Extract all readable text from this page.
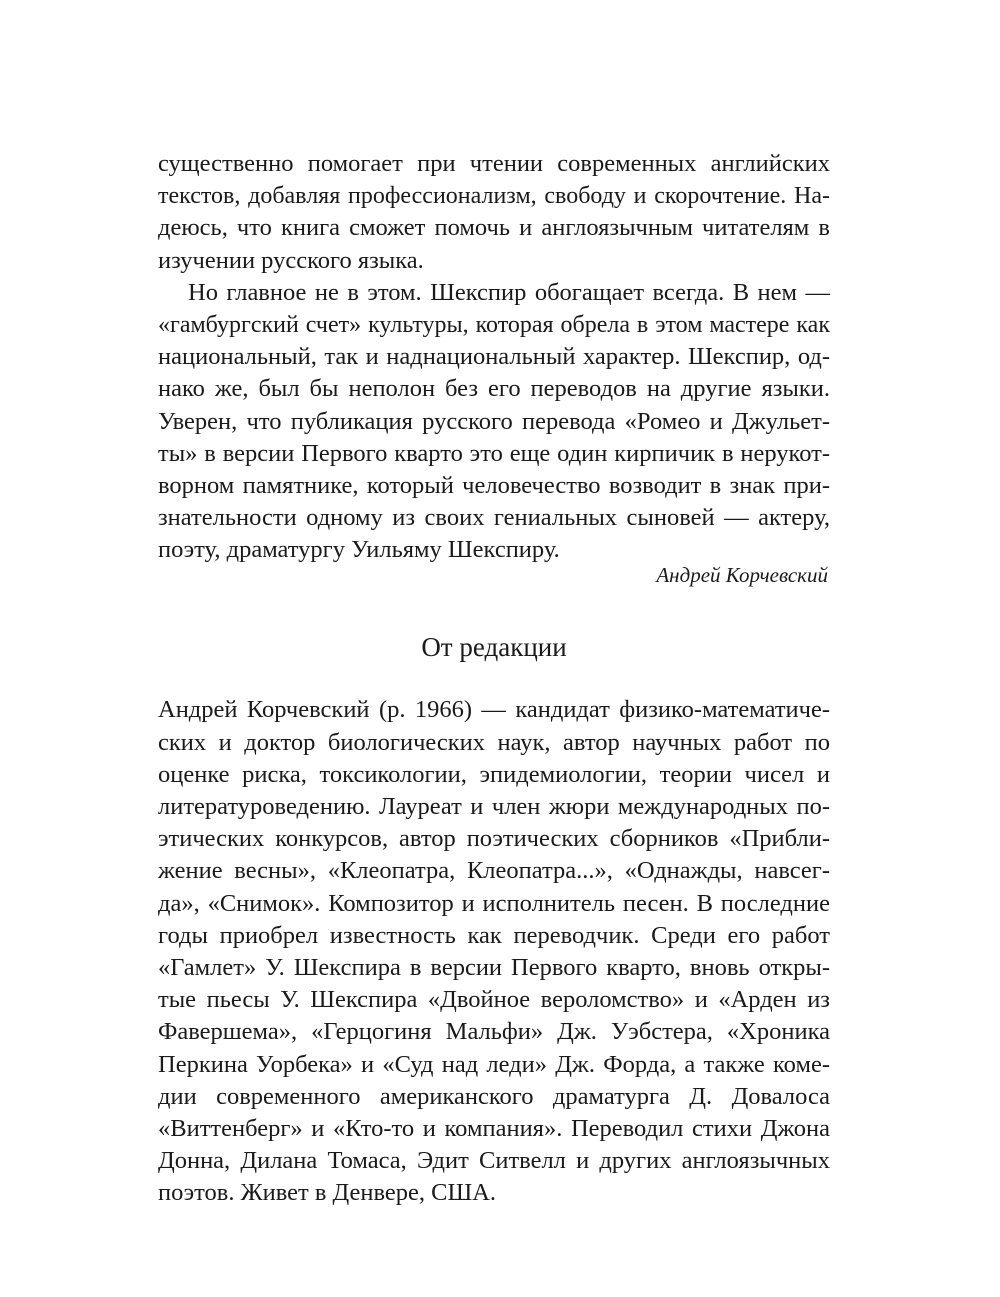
существенно помогает при чтении современных английских
текстов, добавляя профессионализм, свободу и скорочтение. На-
деюсь, что книга сможет помочь и англоязычным читателям в
изучении русского языка.
Но главное не в этом. Шекспир обогащает всегда. В нем —
«гамбургский счет» культуры, которая обрела в этом мастере как
национальный, так и наднациональный характер. Шекспир, од-
нако же, был бы неполон без его переводов на другие языки.
Уверен, что публикация русского перевода «Ромео и Джульет-
ты» в версии Первого кварто это еще один кирпичик в нерукот-
ворном памятнике, который человечество возводит в знак при-
знательности одному из своих гениальных сыновей — актеру,
поэту, драматургу Уильяму Шекспиру.
Андрей Корчевский
От редакции
Андрей Корчевский (р. 1966) — кандидат физико-математиче-
ских и доктор биологических наук, автор научных работ по
оценке риска, токсикологии, эпидемиологии, теории чисел и
литературоведению. Лауреат и член жюри международных по-
этических конкурсов, автор поэтических сборников «Прибли-
жение весны», «Клеопатра, Клеопатра...», «Однажды, навсег-
да», «Снимок». Композитор и исполнитель песен. В последние
годы приобрел известность как переводчик. Среди его работ
«Гамлет» У. Шекспира в версии Первого кварто, вновь откры-
тые пьесы У. Шекспира «Двойное вероломство» и «Арден из
Фавершема», «Герцогиня Мальфи» Дж. Уэбстера, «Хроника
Перкина Уорбека» и «Суд над леди» Дж. Форда, а также коме-
дии современного американского драматурга Д. Довалоса
«Виттенберг» и «Кто-то и компания». Переводил стихи Джона
Донна, Дилана Томаса, Эдит Ситвелл и других англоязычных
поэтов. Живет в Денвере, США.
